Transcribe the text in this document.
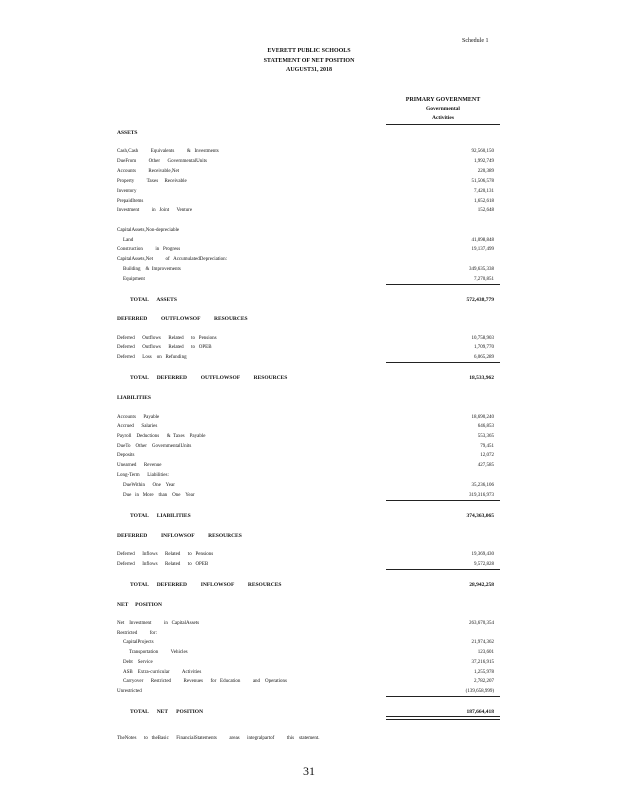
Schedule 1
EVERETT PUBLIC SCHOOLS
STATEMENT OF NET POSITION
AUGUST31, 2018
PRIMARY GOVERNMENT
Governmental
Activities
ASSETS
Cash,Cash          Equivalents          &   Investments	92,560,150
DueFrom          Other      GovernmentalUnits	1,992,749
Accounts          Receivable,Net	220,389
Property          Taxes     Receivable	51,506,578
Inventory	7,420,131
PrepaidItems	1,652,618
Investment          in   Joint      Venture	152,648
CapitalAssets,Non-depreciable
Land	41,098,848
Construction          in   Progress	19,137,499
CapitalAssets,Net          of   AccumulatedDepreciation:
Building    &  Improvements	349,635,338
Equipment	7,270,851
TOTAL      ASSETS	572,438,779
DEFERRED          OUTFLOWSOF          RESOURCES
Deferred      Outflows      Related      to   Pensions	10,758,903
Deferred      Outflows      Related      to   OPEB	1,709,770
Deferred      Loss    on   Refunding	6,065,289
TOTAL      DEFERRED          OUTFLOWSOF          RESOURCES	18,533,962
LIABILITIES
Accounts      Payable	18,690,240
Accrued      Salaries	646,853
Payroll    Deductions      &  Taxes    Payable	553,365
DueTo    Other    GovernmentalUnits	79,451
Deposits	12,072
Unearned      Revenue	427,585
Long-Term      Liabilities:
DueWithin      One    Year	35,236,106
Due   in   More    than    One    Year	319,316,973
TOTAL      LIABILITIES	374,363,065
DEFERRED          INFLOWSOF          RESOURCES
Deferred      Inflows      Related      to   Pensions	19,369,430
Deferred      Inflows      Related      to   OPEB	9,572,828
TOTAL      DEFERRED          INFLOWSOF          RESOURCES	28,942,258
NET     POSITION
Net    Investment          in   CapitalAssets	263,670,354
Restricted          for:
CapitalProjects	21,974,362
Transportation          Vehicles	123,601
Debt    Service	37,216,915
ASB    Extra-curricular          Activities	1,255,978
Carryover      Restricted          Revenues      for   Education          and    Operations	2,782,207
Unrestricted	(139,658,999)
TOTAL      NET      POSITION	187,664,418
TheNotes      to   theBasic      FinancialStatements          areas      integralpartof          this    statement.
31
